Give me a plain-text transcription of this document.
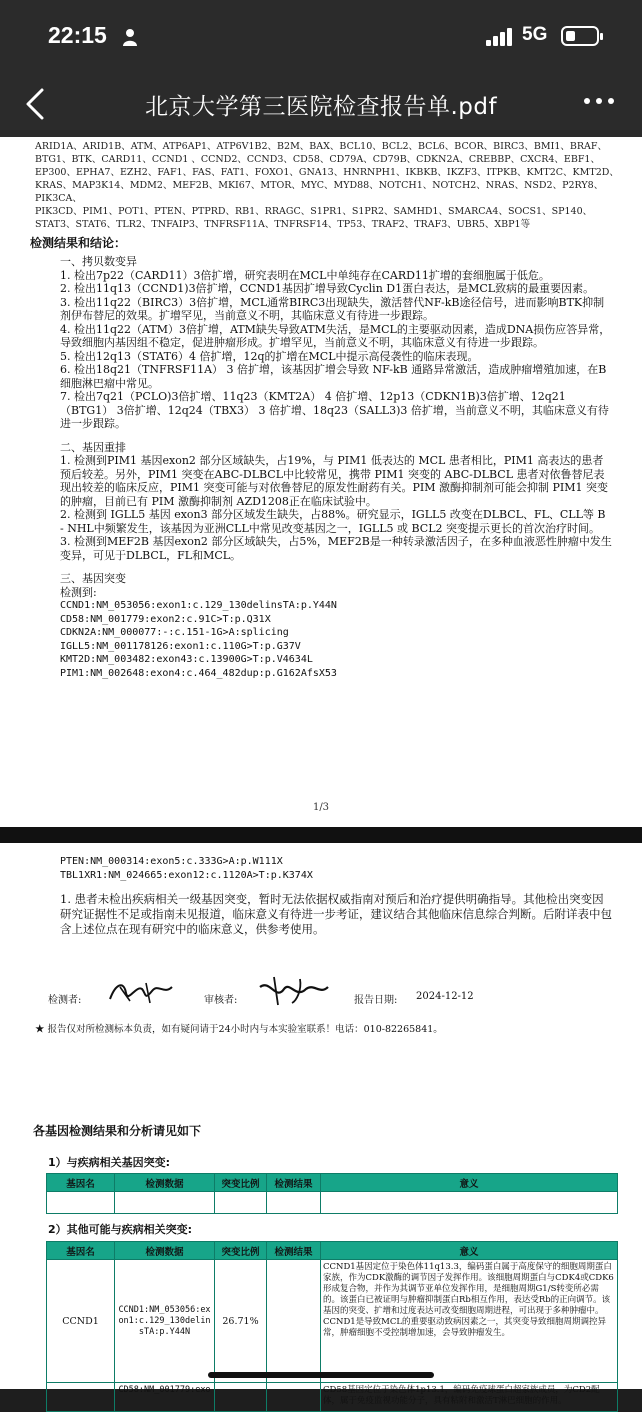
22:15	5G
北京大学第三医院检查报告单.pdf
ARID1A、ARID1B、ATM、ATP6AP1、ATP6V1B2、B2M、BAX、BCL10、BCL2、BCL6、BCOR、BIRC3、BMI1、BRAF、
BTG1、BTK、CARD11、CCND1 、CCND2、CCND3、CD58、CD79A、CD79B、CDKN2A、CREBBP、CXCR4、EBF1、
EP300、EPHA7、EZH2、FAF1、FAS、FAT1、FOXO1、GNA13、HNRNPH1、IKBKB、IKZF3、ITPKB、KMT2C、KMT2D、
KRAS、MAP3K14、MDM2、MEF2B、MKI67、MTOR、MYC、MYD88、NOTCH1、NOTCH2、NRAS、NSD2、P2RY8、PIK3CA、
PIK3CD、PIM1、POT1、PTEN、PTPRD、RB1、RRAGC、S1PR1、S1PR2、SAMHD1、SMARCA4、SOCS1、SP140、
STAT3、STAT6、TLR2、TNFAIP3、TNFRSF11A、TNFRSF14、TP53、TRAF2、TRAF3、UBR5、XBP1等
检测结果和结论：

一、拷贝数变异

1. 检出7p22（CARD11）3倍扩增，研究表明在MCL中单纯存在CARD11扩增的套细胞属于低危。

2. 检出11q13（CCND1)3倍扩增，CCND1基因扩增导致Cyclin D1蛋白表达，是MCL致病的最重要因素。

3. 检出11q22（BIRC3）3倍扩增，MCL通常BIRC3出现缺失，激活替代NF-kB途径信号，进而影响BTK抑制剂伊布替尼的效果。扩增罕见，当前意义不明，其临床意义有待进一步跟踪。

4. 检出11q22（ATM）3倍扩增，ATM缺失导致ATM失活，是MCL的主要驱动因素，造成DNA损伤应答异常，导致细胞内基因组不稳定，促进肿瘤形成。扩增罕见，当前意义不明，其临床意义有待进一步跟踪。

5. 检出12q13（STAT6）4 倍扩增，12q的扩增在MCL中提示高侵袭性的临床表现。

6. 检出18q21（TNFRSF11A） 3 倍扩增，该基因扩增会导致 NF-kB 通路异常激活，造成肿瘤增殖加速，在B 细胞淋巴瘤中常见。

7. 检出7q21（PCLO)3倍扩增、11q23（KMT2A） 4 倍扩增、12p13（CDKN1B)3倍扩增、12q21（BTG1） 3倍扩增、12q24（TBX3） 3 倍扩增、18q23（SALL3)3 倍扩增，当前意义不明，其临床意义有待进一步跟踪。

二、基因重排

1. 检测到PIM1 基因exon2 部分区域缺失，占19%，与 PIM1 低表达的 MCL 患者相比，PIM1 高表达的患者预后较差。另外，PIM1 突变在ABC-DLBCL中比较常见，携带 PIM1 突变的 ABC-DLBCL 患者对依鲁替尼表现出较差的临床反应，PIM1 突变可能与对依鲁替尼的原发性耐药有关。PIM 激酶抑制剂可能会抑制 PIM1 突变的肿瘤，目前已有 PIM 激酶抑制剂 AZD1208正在临床试验中。

2. 检测到 IGLL5 基因 exon3 部分区域发生缺失，占88%。研究显示，IGLL5 改变在DLBCL、FL、CLL等 B - NHL中频繁发生，该基因为亚洲CLL中常见改变基因之一，IGLL5 或 BCL2 突变提示更长的首次治疗时间。

3. 检测到MEF2B 基因exon2 部分区域缺失，占5%，MEF2B是一种转录激活因子，在多种血液恶性肿瘤中发生变异，可见于DLBCL，FL和MCL。

三、基因突变

检测到:

CCND1:NM_053056:exon1:c.129_130delinsTA:p.Y44N

CD58:NM_001779:exon2:c.91C>T:p.Q31X

CDKN2A:NM_000077:-:c.151-1G>A:splicing

IGLL5:NM_001178126:exon1:c.110G>T:p.G37V

KMT2D:NM_003482:exon43:c.13900G>T:p.V4634L

PIM1:NM_002648:exon4:c.464_482dup:p.G162AfsX53

1/3

PTEN:NM_000314:exon5:c.333G>A:p.W111X

TBL1XR1:NM_024665:exon12:c.1120A>T:p.K374X

1. 患者未检出疾病相关一级基因突变，暂时无法依据权威指南对预后和治疗提供明确指导。其他检出突变因研究证据性不足或指南未见报道，临床意义有待进一步考证，建议结合其他临床信息综合判断。后附详表中包含上述位点在现有研究中的临床意义，供参考使用。

检测者:	审核者:	报告日期: 2024-12-12
★ 报告仅对所检测标本负责，如有疑问请于24小时内与本实验室联系！电话：010-82265841。
各基因检测结果和分析请见如下
1）与疾病相关基因突变:
基因名	检测数据	突变比例	检测结果	意义

2）其他可能与疾病相关突变:
基因名	检测数据	突变比例	检测结果	意义
CCND1	CCND1:NM_053056:exon1:c.129_130delinsTA:p.Y44N	26.71%		CCND1基因定位于染色体11q13.3，编码蛋白属于高度保守的细胞周期蛋白家族，作为CDK激酶的调节因子发挥作用。该细胞周期蛋白与CDK4或CDK6形成复合物，并作为其调节亚单位发挥作用，是细胞周期G1/S转变所必需的。该蛋白已被证明与肿瘤抑制蛋白Rb相互作用，表达受Rb的正向调节。该基因的突变、扩增和过度表达可改变细胞周期进程，可出现于多种肿瘤中。CCND1是导致MCL的重要驱动致病因素之一，其突变导致细胞周期调控异常，肿瘤细胞不受控制增加速，会导致肿瘤发生。

	CD58:NM_001779:exo			CD58基因定位于染色体1p13.1，编码免疫球蛋白超家族成员，为CD2配体，属于免疫监视功能分子，具有粘附和激活T淋巴细胞的作用。
